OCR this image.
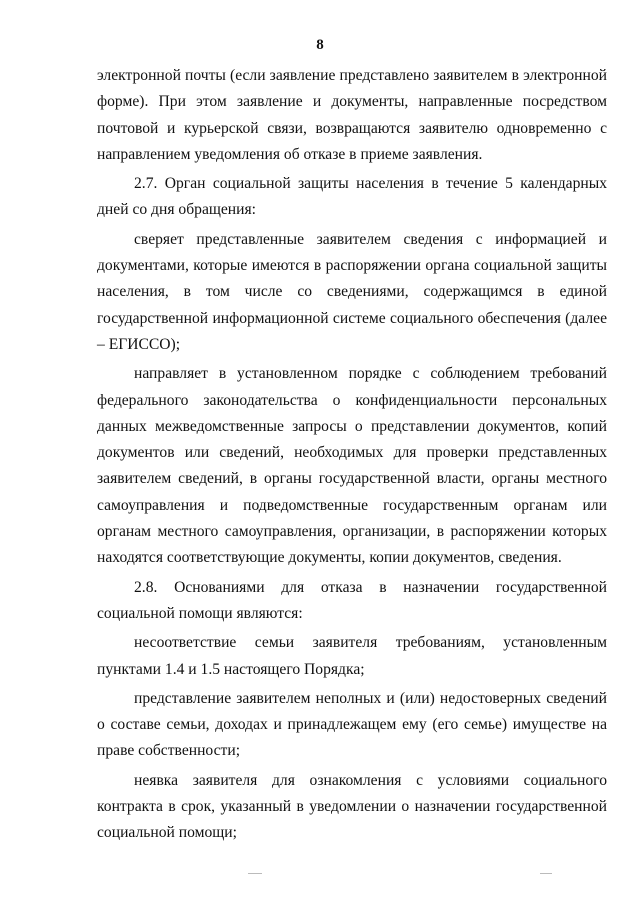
8

электронной почты (если заявление представлено заявителем в электронной форме). При этом заявление и документы, направленные посредством почтовой и курьерской связи, возвращаются заявителю одновременно с направлением уведомления об отказе в приеме заявления.

2.7. Орган социальной защиты населения в течение 5 календарных дней со дня обращения:

сверяет представленные заявителем сведения с информацией и документами, которые имеются в распоряжении органа социальной защиты населения, в том числе со сведениями, содержащимся в единой государственной информационной системе социального обеспечения (далее – ЕГИССО);

направляет в установленном порядке с соблюдением требований федерального законодательства о конфиденциальности персональных данных межведомственные запросы о представлении документов, копий документов или сведений, необходимых для проверки представленных заявителем сведений, в органы государственной власти, органы местного самоуправления и подведомственные государственным органам или органам местного самоуправления, организации, в распоряжении которых находятся соответствующие документы, копии документов, сведения.

2.8. Основаниями для отказа в назначении государственной социальной помощи являются:

несоответствие семьи заявителя требованиям, установленным пунктами 1.4 и 1.5 настоящего Порядка;

представление заявителем неполных и (или) недостоверных сведений о составе семьи, доходах и принадлежащем ему (его семье) имуществе на праве собственности;

неявка заявителя для ознакомления с условиями социального контракта в срок, указанный в уведомлении о назначении государственной социальной помощи;
